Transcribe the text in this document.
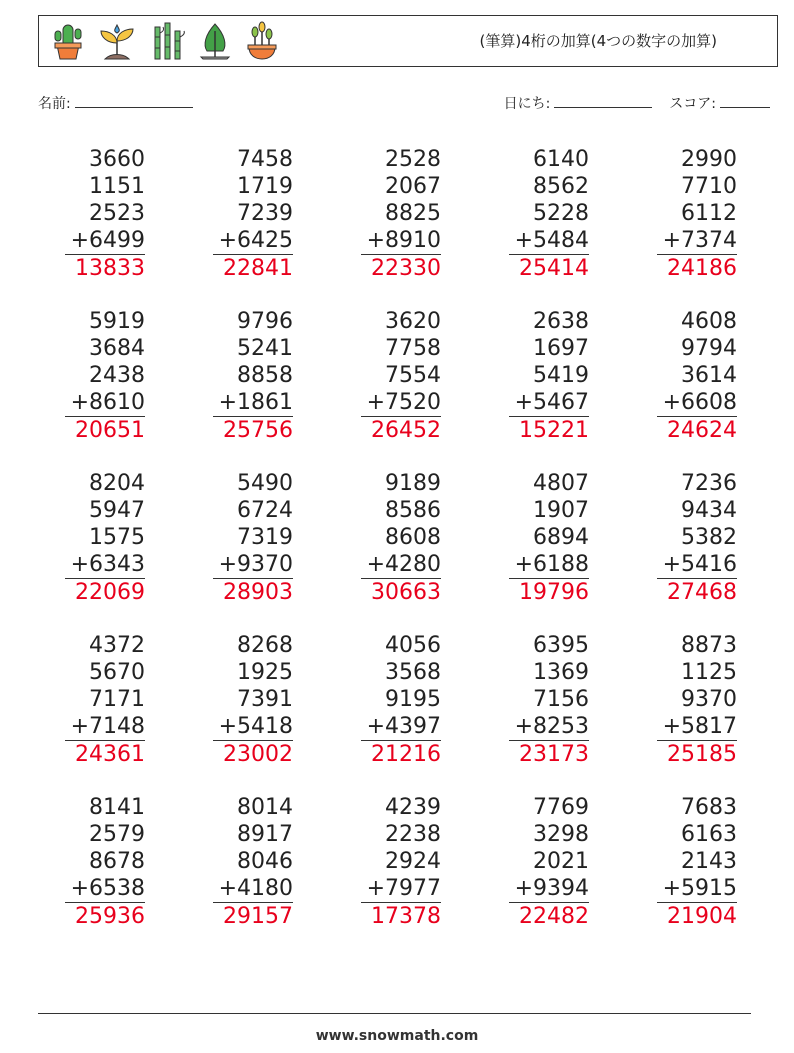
(筆算)4桁の加算(4つの数字の加算)
名前:	日にち:	スコア:
3660
1151
2523
+6499
13833
7458
1719
7239
+6425
22841
2528
2067
8825
+8910
22330
6140
8562
5228
+5484
25414
2990
7710
6112
+7374
24186
5919
3684
2438
+8610
20651
9796
5241
8858
+1861
25756
3620
7758
7554
+7520
26452
2638
1697
5419
+5467
15221
4608
9794
3614
+6608
24624
8204
5947
1575
+6343
22069
5490
6724
7319
+9370
28903
9189
8586
8608
+4280
30663
4807
1907
6894
+6188
19796
7236
9434
5382
+5416
27468
4372
5670
7171
+7148
24361
8268
1925
7391
+5418
23002
4056
3568
9195
+4397
21216
6395
1369
7156
+8253
23173
8873
1125
9370
+5817
25185
8141
2579
8678
+6538
25936
8014
8917
8046
+4180
29157
4239
2238
2924
+7977
17378
7769
3298
2021
+9394
22482
7683
6163
2143
+5915
21904
www.snowmath.com
